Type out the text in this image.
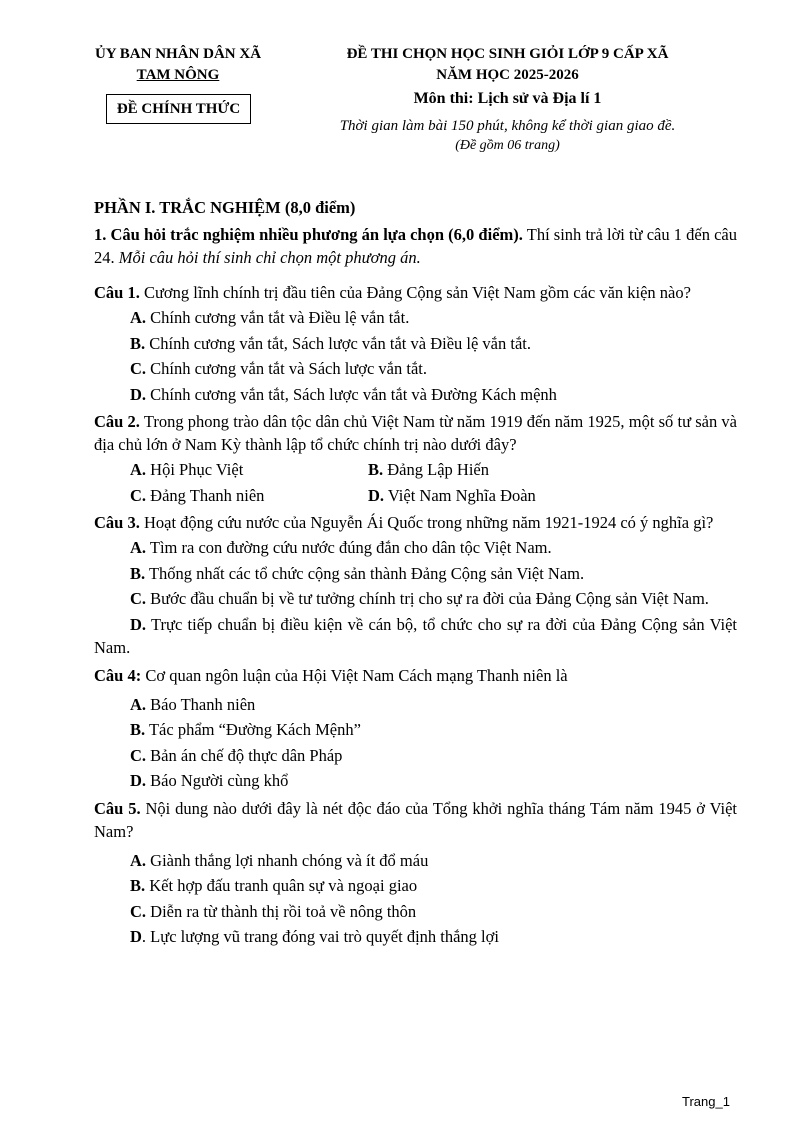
ỦY BAN NHÂN DÂN XÃ
TAM NÔNG
ĐỀ CHÍNH THỨC
ĐỀ THI CHỌN HỌC SINH GIỎI LỚP 9 CẤP XÃ
NĂM HỌC 2025-2026
Môn thi: Lịch sử và Địa lí 1
Thời gian làm bài 150 phút, không kể thời gian giao đề.
(Đề gồm 06 trang)
PHẦN I. TRẮC NGHIỆM (8,0 điểm)

1. Câu hỏi trắc nghiệm nhiều phương án lựa chọn (6,0 điểm). Thí sinh trả lời từ câu 1 đến câu 24. Mỗi câu hỏi thí sinh chỉ chọn một phương án.

Câu 1. Cương lĩnh chính trị đầu tiên của Đảng Cộng sản Việt Nam gồm các văn kiện nào?

A. Chính cương vắn tắt và Điều lệ vắn tắt.
B. Chính cương vắn tắt, Sách lược vắn tắt và Điều lệ vắn tắt.
C. Chính cương vắn tắt và Sách lược vắn tắt.
D. Chính cương vắn tắt, Sách lược vắn tắt và Đường Kách mệnh

Câu 2. Trong phong trào dân tộc dân chủ Việt Nam từ năm 1919 đến năm 1925, một số tư sản và địa chủ lớn ở Nam Kỳ thành lập tổ chức chính trị nào dưới đây?

A. Hội Phục Việt	B. Đảng Lập Hiến
C. Đảng Thanh niên	D. Việt Nam Nghĩa Đoàn

Câu 3. Hoạt động cứu nước của Nguyễn Ái Quốc trong những năm 1921-1924 có ý nghĩa gì?

A. Tìm ra con đường cứu nước đúng đắn cho dân tộc Việt Nam.
B. Thống nhất các tổ chức cộng sản thành Đảng Cộng sản Việt Nam.

C. Bước đầu chuẩn bị về tư tưởng chính trị cho sự ra đời của Đảng Cộng sản Việt Nam.

D. Trực tiếp chuẩn bị điều kiện về cán bộ, tổ chức cho sự ra đời của Đảng Cộng sản Việt Nam.

Câu 4: Cơ quan ngôn luận của Hội Việt Nam Cách mạng Thanh niên là

A. Báo Thanh niên
B. Tác phẩm “Đường Kách Mệnh”
C. Bản án chế độ thực dân Pháp
D. Báo Người cùng khổ

Câu 5. Nội dung nào dưới đây là nét độc đáo của Tổng khởi nghĩa tháng Tám năm 1945 ở Việt Nam?

A. Giành thắng lợi nhanh chóng và ít đổ máu
B. Kết hợp đấu tranh quân sự và ngoại giao
C. Diễn ra từ thành thị rồi toả về nông thôn
D. Lực lượng vũ trang đóng vai trò quyết định thắng lợi
Trang_1
